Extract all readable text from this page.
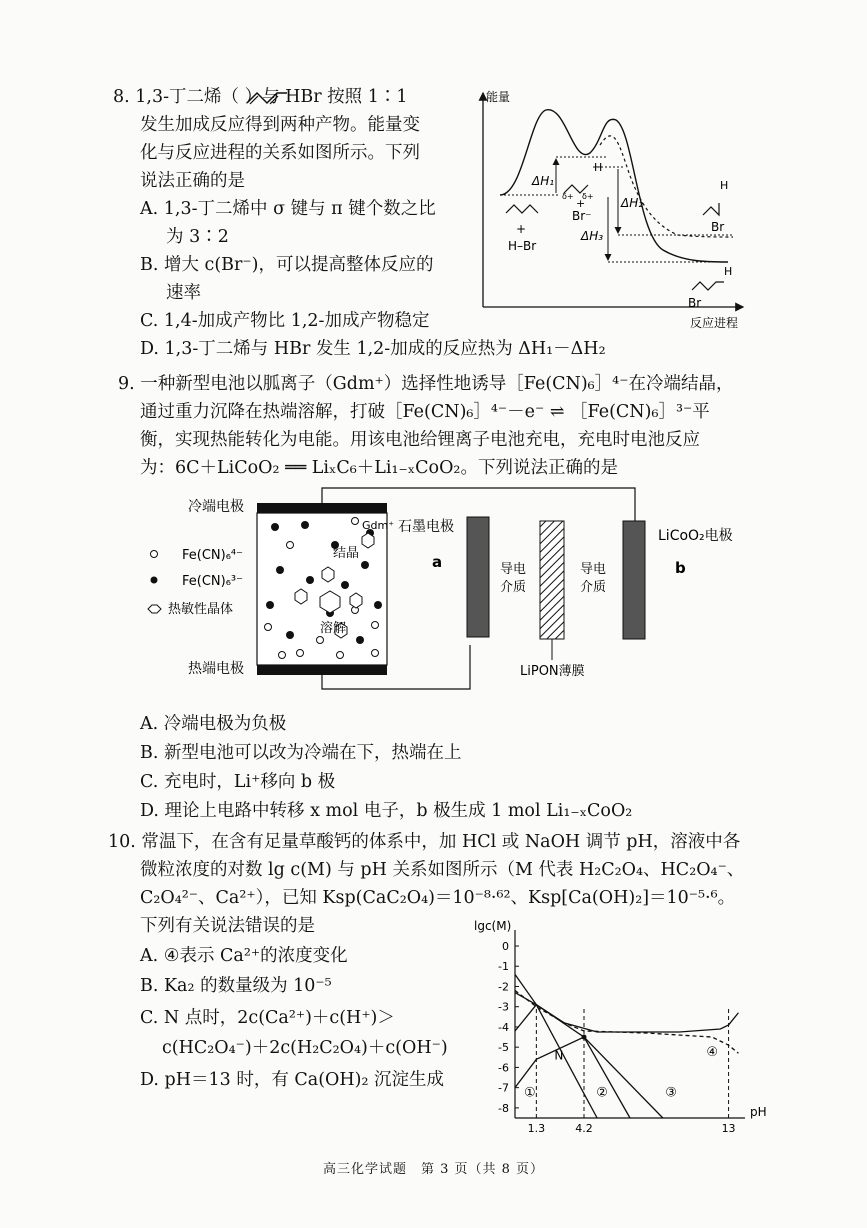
8. 1,3-丁二烯（ ）与 HBr 按照 1∶1
发生加成反应得到两种产物。能量变
化与反应进程的关系如图所示。下列
说法正确的是
A. 1,3-丁二烯中 σ 键与 π 键个数之比
为 3∶2
B. 增大 c(Br⁻)，可以提高整体反应的
速率
C. 1,4-加成产物比 1,2-加成产物稳定
D. 1,3-丁二烯与 HBr 发生 1,2-加成的反应热为 ΔH₁－ΔH₂
能量
反应进程
ΔH₁
ΔH₂
ΔH₃
+
H–Br
H
δ+ δ+
+
Br⁻
H
Br
H
Br
9. 一种新型电池以胍离子（Gdm⁺）选择性地诱导［Fe(CN)₆］⁴⁻在冷端结晶，
通过重力沉降在热端溶解，打破［Fe(CN)₆］⁴⁻－e⁻ ⇌ ［Fe(CN)₆］³⁻平
衡，实现热能转化为电能。用该电池给锂离子电池充电，充电时电池反应
为：6C＋LiCoO₂ ══ LiₓC₆＋Li₁₋ₓCoO₂。下列说法正确的是
冷端电极
热端电极
Gdm⁺
结晶
溶解
Fe(CN)₆⁴⁻
Fe(CN)₆³⁻
热敏性晶体
石墨电极
a
LiCoO₂电极
b
导电
介质
导电
介质
LiPON薄膜
A. 冷端电极为负极
B. 新型电池可以改为冷端在下，热端在上
C. 充电时，Li⁺移向 b 极
D. 理论上电路中转移 x mol 电子，b 极生成 1 mol Li₁₋ₓCoO₂
10. 常温下，在含有足量草酸钙的体系中，加 HCl 或 NaOH 调节 pH，溶液中各
微粒浓度的对数 lg c(M) 与 pH 关系如图所示（M 代表 H₂C₂O₄、HC₂O₄⁻、
C₂O₄²⁻、Ca²⁺），已知 Ksp(CaC₂O₄)＝10⁻⁸·⁶²、Ksp[Ca(OH)₂]＝10⁻⁵·⁶。
下列有关说法错误的是
A. ④表示 Ca²⁺的浓度变化
B. Ka₂ 的数量级为 10⁻⁵
C. N 点时，2c(Ca²⁺)＋c(H⁺)＞
c(HC₂O₄⁻)＋2c(H₂C₂O₄)＋c(OH⁻)
D. pH＝13 时，有 Ca(OH)₂ 沉淀生成
lgc(M)
pH
0
-1
-2
-3
-4
-5
-6
-7
-8
1.3	4.2	13
①	②	③
④
N
高三化学试题　第 3 页（共 8 页）
